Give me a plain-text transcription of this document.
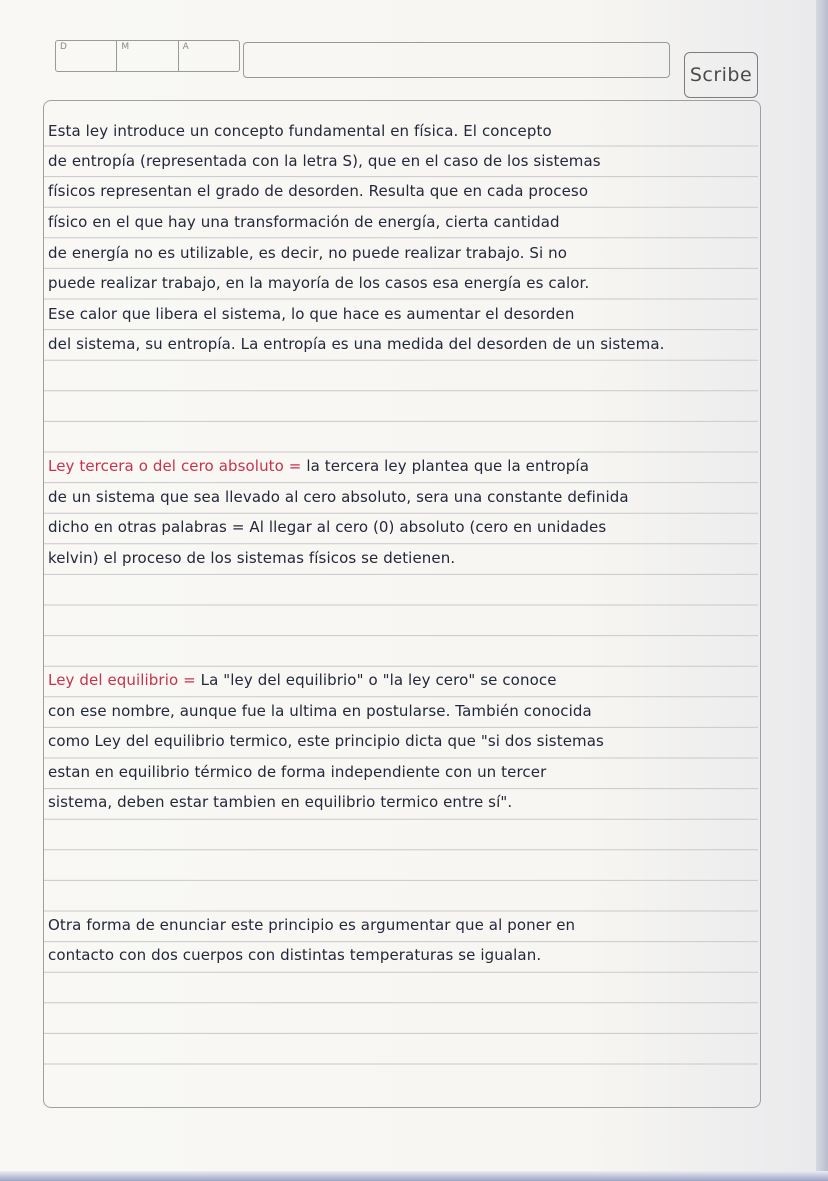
D	M	A
Scribe
Esta ley introduce un concepto fundamental en física. El concepto
de entropía (representada con la letra S), que en el caso de los sistemas
físicos representan el grado de desorden. Resulta que en cada proceso
físico en el que hay una transformación de energía, cierta cantidad
de energía no es utilizable, es decir, no puede realizar trabajo. Si no
puede realizar trabajo, en la mayoría de los casos esa energía es calor.
Ese calor que libera el sistema, lo que hace es aumentar el desorden
del sistema, su entropía. La entropía es una medida del desorden de un sistema.
Ley tercera o del cero absoluto = la tercera ley plantea que la entropía
de un sistema que sea llevado al cero absoluto, sera una constante definida
dicho en otras palabras = Al llegar al cero (0) absoluto (cero en unidades
kelvin) el proceso de los sistemas físicos se detienen.
Ley del equilibrio = La "ley del equilibrio" o "la ley cero" se conoce
con ese nombre, aunque fue la ultima en postularse. También conocida
como Ley del equilibrio termico, este principio dicta que "si dos sistemas
estan en equilibrio térmico de forma independiente con un tercer
sistema, deben estar tambien en equilibrio termico entre sí".
Otra forma de enunciar este principio es argumentar que al poner en
contacto con dos cuerpos con distintas temperaturas se igualan.
